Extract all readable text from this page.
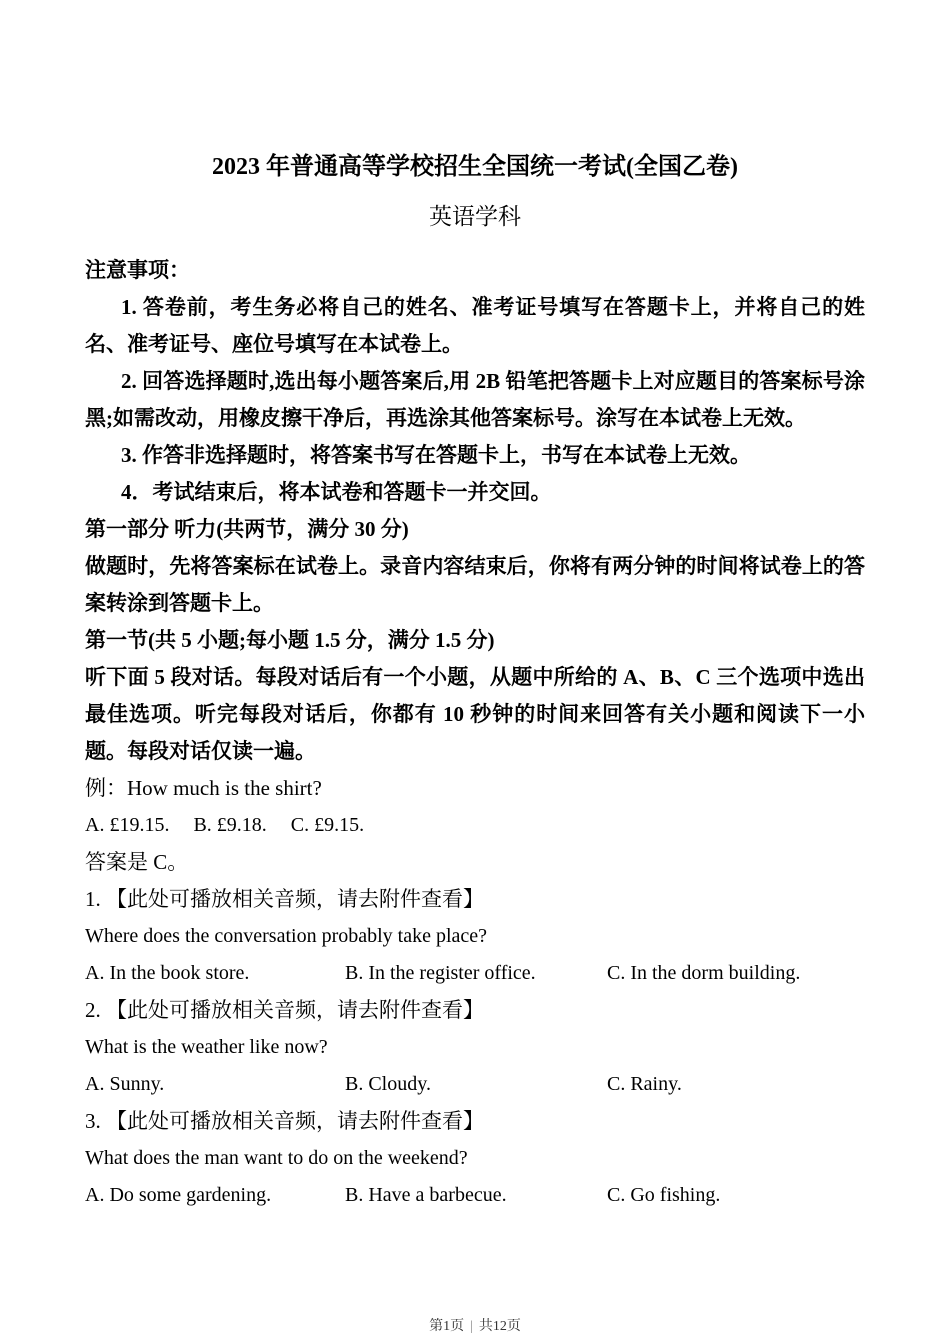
2023 年普通高等学校招生全国统一考试(全国乙卷)
英语学科

注意事项：

1. 答卷前，考生务必将自己的姓名、准考证号填写在答题卡上，并将自己的姓名、准考证号、座位号填写在本试卷上。

2. 回答选择题时,选出每小题答案后,用 2B 铅笔把答题卡上对应题目的答案标号涂黑;如需改动，用橡皮擦干净后，再选涂其他答案标号。涂写在本试卷上无效。

3. 作答非选择题时，将答案书写在答题卡上，书写在本试卷上无效。

4．考试结束后，将本试卷和答题卡一并交回。

第一部分 听力(共两节，满分 30 分)

做题时，先将答案标在试卷上。录音内容结束后，你将有两分钟的时间将试卷上的答案转涂到答题卡上。

第一节(共 5 小题;每小题 1.5 分，满分 1.5 分)

听下面 5 段对话。每段对话后有一个小题，从题中所给的 A、B、C 三个选项中选出最佳选项。听完每段对话后，你都有 10 秒钟的时间来回答有关小题和阅读下一小题。每段对话仅读一遍。

例：How much is the shirt?

A. £19.15. B. £9.18. C. £9.15.

答案是 C。

1. 【此处可播放相关音频，请去附件查看】

Where does the conversation probably take place?

A. In the book store.	B. In the register office.	C. In the dorm building.

2. 【此处可播放相关音频，请去附件查看】

What is the weather like now?

A. Sunny.	B. Cloudy.	C. Rainy.

3. 【此处可播放相关音频，请去附件查看】

What does the man want to do on the weekend?

A. Do some gardening.	B. Have a barbecue.	C. Go fishing.
第1页 | 共12页
